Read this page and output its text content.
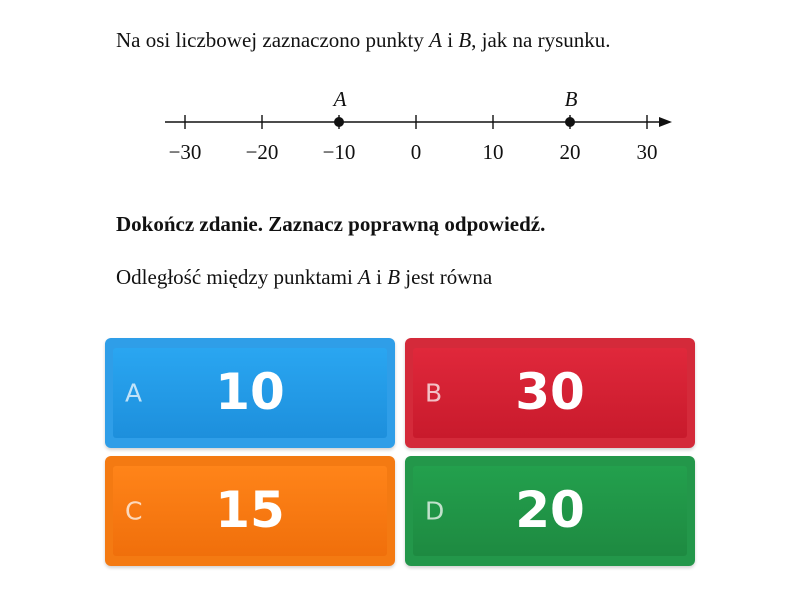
Na osi liczbowej zaznaczono punkty A i B, jak na rysunku.
−30 −20 −10	0	10	20	30
A	B
Dokończ zdanie. Zaznacz poprawną odpowiedź.
Odległość między punktami A i B jest równa
A	10	B	30
C	15	D	20
